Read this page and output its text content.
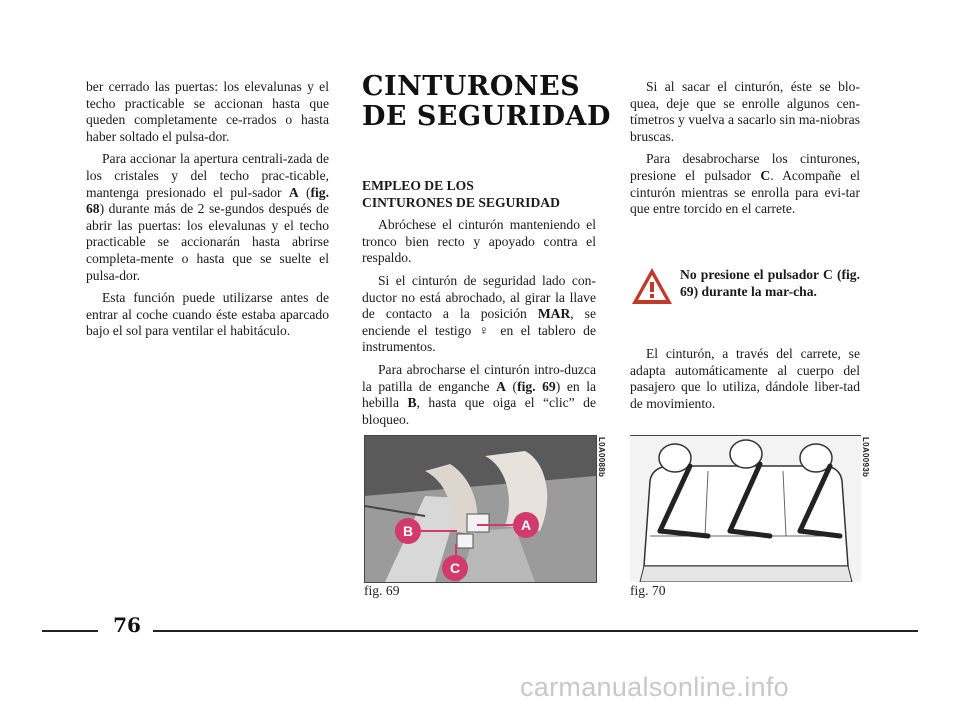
ber cerrado las puertas: los elevalunas y el techo practicable se accionan hasta que queden completamente ce-rrados o hasta haber soltado el pulsa-dor.

Para accionar la apertura centrali-zada de los cristales y del techo prac-ticable, mantenga presionado el pul-sador A (fig. 68) durante más de 2 se-gundos después de abrir las puertas: los elevalunas y el techo practicable se accionarán hasta abrirse completa-mente o hasta que se suelte el pulsa-dor.

Esta función puede utilizarse antes de entrar al coche cuando éste estaba aparcado bajo el sol para ventilar el habitáculo.

CINTURONES
DE SEGURIDAD
EMPLEO DE LOS
CINTURONES DE SEGURIDAD

Abróchese el cinturón manteniendo el tronco bien recto y apoyado contra el respaldo.

Si el cinturón de seguridad lado con-ductor no está abrochado, al girar la llave de contacto a la posición MAR, se enciende el testigo ♀ en el tablero de instrumentos.

Para abrocharse el cinturón intro-duzca la patilla de enganche A (fig. 69) en la hebilla B, hasta que oiga el “clic” de bloqueo.

Si al sacar el cinturón, éste se blo-quea, deje que se enrolle algunos cen-tímetros y vuelva a sacarlo sin ma-niobras bruscas.

Para desabrocharse los cinturones, presione el pulsador C. Acompañe el cinturón mientras se enrolla para evi-tar que entre torcido en el carrete.

No presione el pulsador C (fig. 69) durante la mar-cha.

El cinturón, a través del carrete, se adapta automáticamente al cuerpo del pasajero que lo utiliza, dándole liber-tad de movimiento.

B	A
C
L0A0088b
fig. 69
L0A0093b
fig. 70
76
carmanualsonline.info
